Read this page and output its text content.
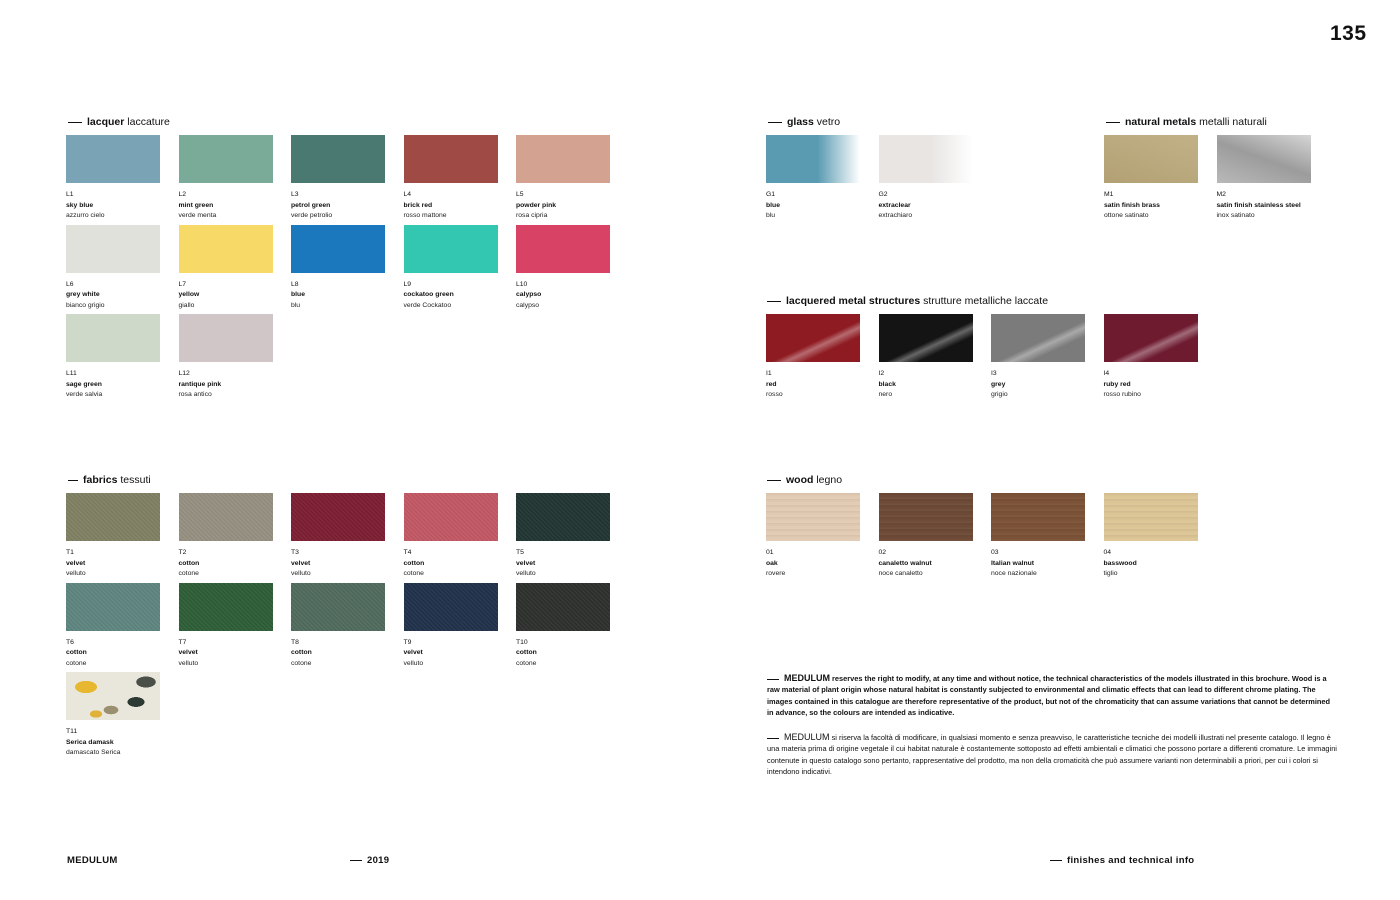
135
lacquer laccature
fabrics tessuti
glass vetro	natural metals metalli naturali
lacquered metal structures strutture metalliche laccate
wood legno
L1
sky blue
azzurro cielo
L2
mint green
verde menta
L3
petrol green
verde petrolio
L4
brick red
rosso mattone
L5
powder pink
rosa cipria
L6
grey white
bianco grigio
L7
yellow
giallo
L8
blue
blu
L9
cockatoo green
verde Cockatoo
L10
calypso
calypso
L11
sage green
verde salvia
L12
rantique pink
rosa antico
T1
velvet
velluto
T2
cotton
cotone
T3
velvet
velluto
T4
cotton
cotone
T5
velvet
velluto
T6
cotton
cotone
T7
velvet
velluto
T8
cotton
cotone
T9
velvet
velluto
T10
cotton
cotone
T11
Serica damask
damascato Serica
G1
blue
blu
G2
extraclear
extrachiaro
M1
satin finish brass
ottone satinato
M2
satin finish stainless steel
inox satinato
I1
red
rosso
I2
black
nero
I3
grey
grigio
I4
ruby red
rosso rubino
01
oak
rovere
02
canaletto walnut
noce canaletto
03
Italian walnut
noce nazionale
04
basswood
tiglio
MEDULUM reserves the right to modify, at any time and without notice, the technical characteristics of the models illustrated in this brochure. Wood is a raw material of plant origin whose natural habitat is constantly subjected to environmental and climatic effects that can lead to different chrome plating. The images contained in this catalogue are therefore representative of the product, but not of the chromaticity that can assume variations that cannot be determined in advance, so the colours are intended as indicative.
MEDULUM si riserva la facoltà di modificare, in qualsiasi momento e senza preavviso, le caratteristiche tecniche dei modelli illustrati nel presente catalogo. Il legno è una materia prima di origine vegetale il cui habitat naturale è costantemente sottoposto ad effetti ambientali e climatici che possono portare a differenti cromature. Le immagini contenute in questo catalogo sono pertanto, rappresentative del prodotto, ma non della cromaticità che può assumere varianti non determinabili a priori, per cui i colori si intendono indicativi.
MEDULUM	2019	finishes and technical info
